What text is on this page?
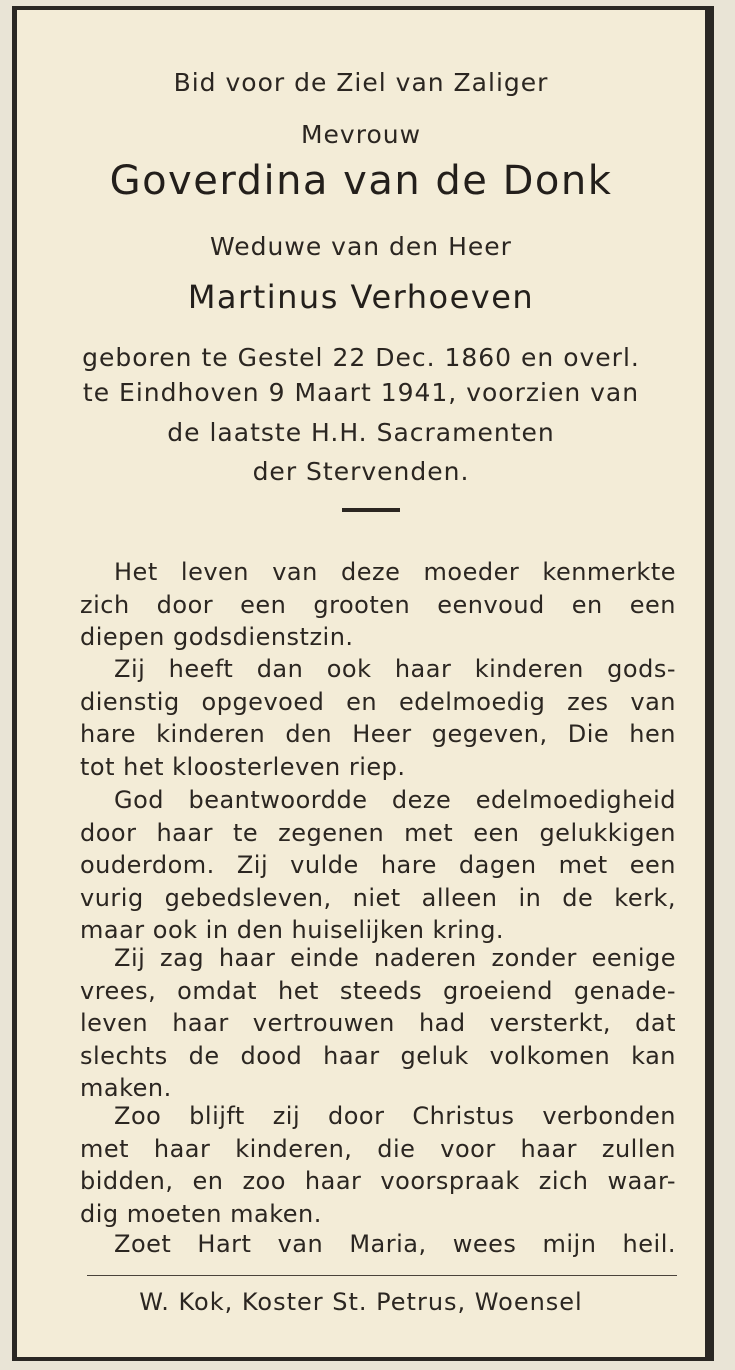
Bid voor de Ziel van Zaliger
Mevrouw
Goverdina van de Donk
Weduwe van den Heer
Martinus Verhoeven
geboren te Gestel 22 Dec. 1860 en overl.
te Eindhoven 9 Maart 1941, voorzien van
de laatste H.H. Sacramenten
der Stervenden.
Het leven van deze moeder kenmerkte
zich door een grooten eenvoud en een
diepen godsdienstzin.
Zij heeft dan ook haar kinderen gods-
dienstig opgevoed en edelmoedig zes van
hare kinderen den Heer gegeven, Die hen
tot het kloosterleven riep.
God beantwoordde deze edelmoedigheid
door haar te zegenen met een gelukkigen
ouderdom. Zij vulde hare dagen met een
vurig gebedsleven, niet alleen in de kerk,
maar ook in den huiselijken kring.
Zij zag haar einde naderen zonder eenige
vrees, omdat het steeds groeiend genade-
leven haar vertrouwen had versterkt, dat
slechts de dood haar geluk volkomen kan
maken.
Zoo blijft zij door Christus verbonden
met haar kinderen, die voor haar zullen
bidden, en zoo haar voorspraak zich waar-
dig moeten maken.
Zoet Hart van Maria, wees mijn heil.
W. Kok, Koster St. Petrus, Woensel
